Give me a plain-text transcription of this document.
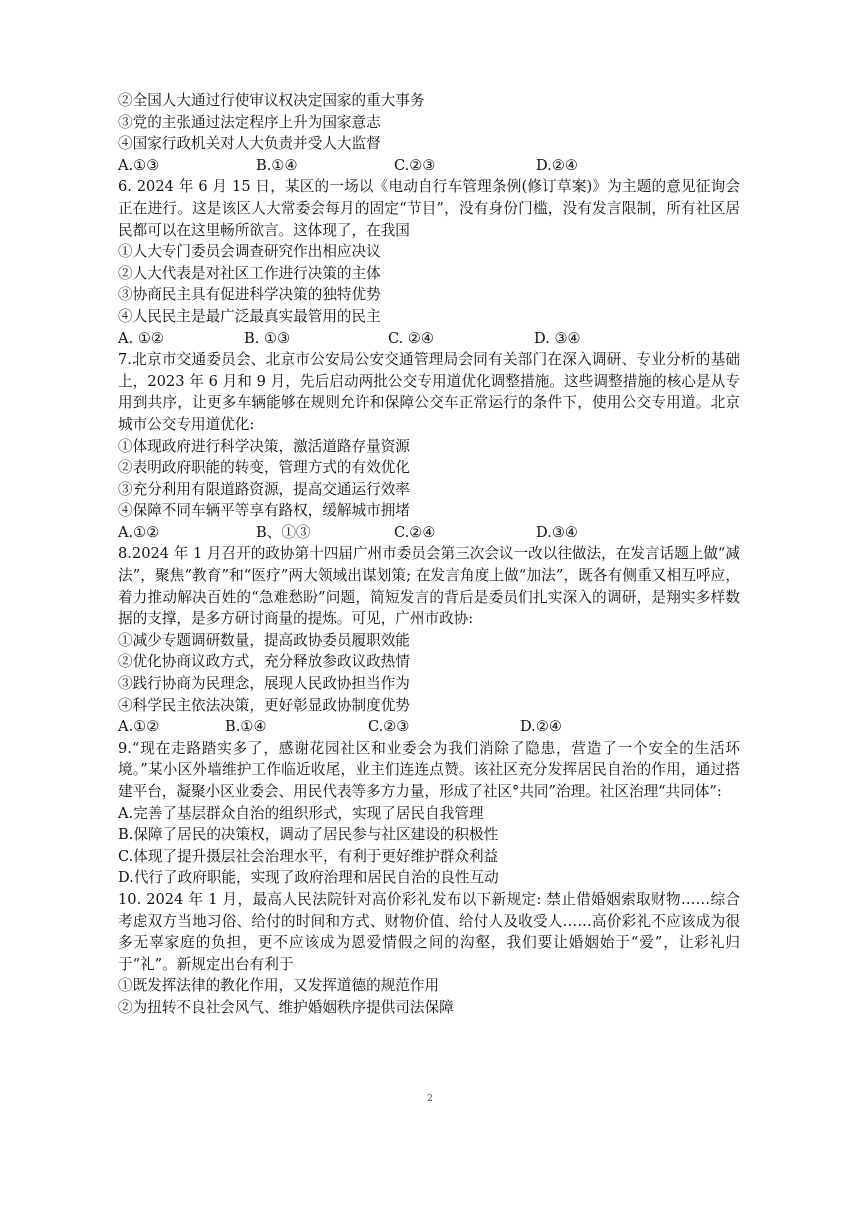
②全国人大通过行使审议权决定国家的重大事务
③党的主张通过法定程序上升为国家意志
④国家行政机关对人大负责并受人大监督
A.①③	B.①④	C.②③	D.②④
6. 2024 年 6 月 15 日，某区的一场以《电动自行车管理条例(修订草案)》为主题的意见征询会正在进行。这是该区人大常委会每月的固定“节目”，没有身份门槛，没有发言限制，所有社区居民都可以在这里畅所欲言。这体现了，在我国
①人大专门委员会调查研究作出相应决议
②人大代表是对社区工作进行决策的主体
③协商民主具有促进科学决策的独特优势
④人民民主是最广泛最真实最管用的民主
A. ①②	B. ①③	C. ②④	D. ③④
7.北京市交通委员会、北京市公安局公安交通管理局会同有关部门在深入调研、专业分析的基础上，2023 年 6 月和 9 月，先后启动两批公交专用道优化调整措施。这些调整措施的核心是从专用到共序，让更多车辆能够在规则允许和保障公交车正常运行的条件下，使用公交专用道。北京城市公交专用道优化:
①体现政府进行科学决策，激活道路存量资源
②表明政府职能的转变，管理方式的有效优化
③充分利用有限道路资源，提高交通运行效率
④保障不同车辆平等享有路权，缓解城市拥堵
A.①②	B、①③	C.②④	D.③④
8.2024 年 1 月召开的政协第十四届广州市委员会第三次会议一改以往做法，在发言话题上做“减法”，聚焦“教育”和“医疗”两大领域出谋划策; 在发言角度上做“加法”，既各有侧重又相互呼应，着力推动解决百姓的“急难愁盼”问题，简短发言的背后是委员们扎实深入的调研，是翔实多样数据的支撑，是多方研讨商量的提炼。可见，广州市政协:
①减少专题调研数量，提高政协委员履职效能
②优化协商议政方式，充分释放参政议政热情
③践行协商为民理念，展现人民政协担当作为
④科学民主依法决策，更好彰显政协制度优势
A.①②	B.①④	C.②③	D.②④
9.“现在走路踏实多了，感谢花园社区和业委会为我们消除了隐患，营造了一个安全的生活环境。”某小区外墙维护工作临近收尾，业主们连连点赞。该社区充分发挥居民自治的作用，通过搭建平台，凝聚小区业委会、用民代表等多方力量，形成了社区°共同”治理。社区治理“共同体”:
A.完善了基层群众自治的组织形式，实现了居民自我管理
B.保障了居民的决策权，调动了居民参与社区建设的积极性
C.体现了提升摄层社会治理水平，有利于更好维护群众利益
D.代行了政府职能，实现了政府治理和居民自治的良性互动
10. 2024 年 1 月，最高人民法院针对高价彩礼发布以下新规定: 禁止借婚姻索取财物……综合考虑双方当地习俗、给付的时间和方式、财物价值、给付人及收受人……高价彩礼不应该成为很多无辜家庭的负担，更不应该成为恩爱情假之间的沟壑，我们要让婚姻始于“爱”，让彩礼归于“礼”。新规定出台有利于
①既发挥法律的教化作用，又发挥道德的规范作用
②为扭转不良社会风气、维护婚姻秩序提供司法保障
2
